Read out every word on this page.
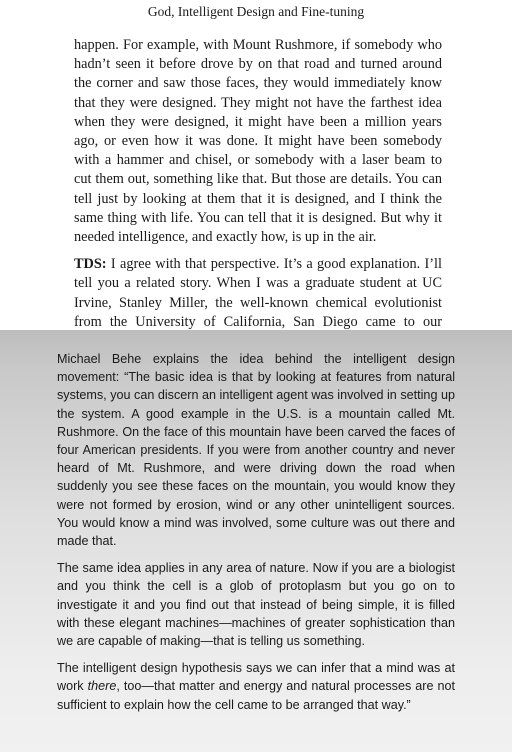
God, Intelligent Design and Fine-tuning

happen. For example, with Mount Rushmore, if somebody who hadn’t seen it before drove by on that road and turned around the corner and saw those faces, they would immediately know that they were designed. They might not have the farthest idea when they were designed, it might have been a million years ago, or even how it was done. It might have been somebody with a hammer and chisel, or somebody with a laser beam to cut them out, something like that. But those are details. You can tell just by looking at them that it is designed, and I think the same thing with life. You can tell that it is designed. But why it needed intelligence, and exactly how, is up in the air.

TDS: I agree with that perspective. It’s a good explanation. I’ll tell you a related story. When I was a graduate student at UC Irvine, Stanley Miller, the well-known chemical evolutionist from the University of California, San Diego came to our

Michael Behe explains the idea behind the intelligent design movement: “The basic idea is that by looking at features from natural systems, you can discern an intelligent agent was involved in setting up the system. A good example in the U.S. is a mountain called Mt. Rushmore. On the face of this mountain have been carved the faces of four American presidents. If you were from another country and never heard of Mt. Rushmore, and were driving down the road when suddenly you see these faces on the mountain, you would know they were not formed by erosion, wind or any other unintelligent sources. You would know a mind was involved, some culture was out there and made that.

The same idea applies in any area of nature. Now if you are a biologist and you think the cell is a glob of protoplasm but you go on to investigate it and you find out that instead of being simple, it is filled with these elegant machines—machines of greater sophistication than we are capable of making—that is telling us something.

The intelligent design hypothesis says we can infer that a mind was at work there, too—that matter and energy and natural processes are not sufficient to explain how the cell came to be arranged that way.”
